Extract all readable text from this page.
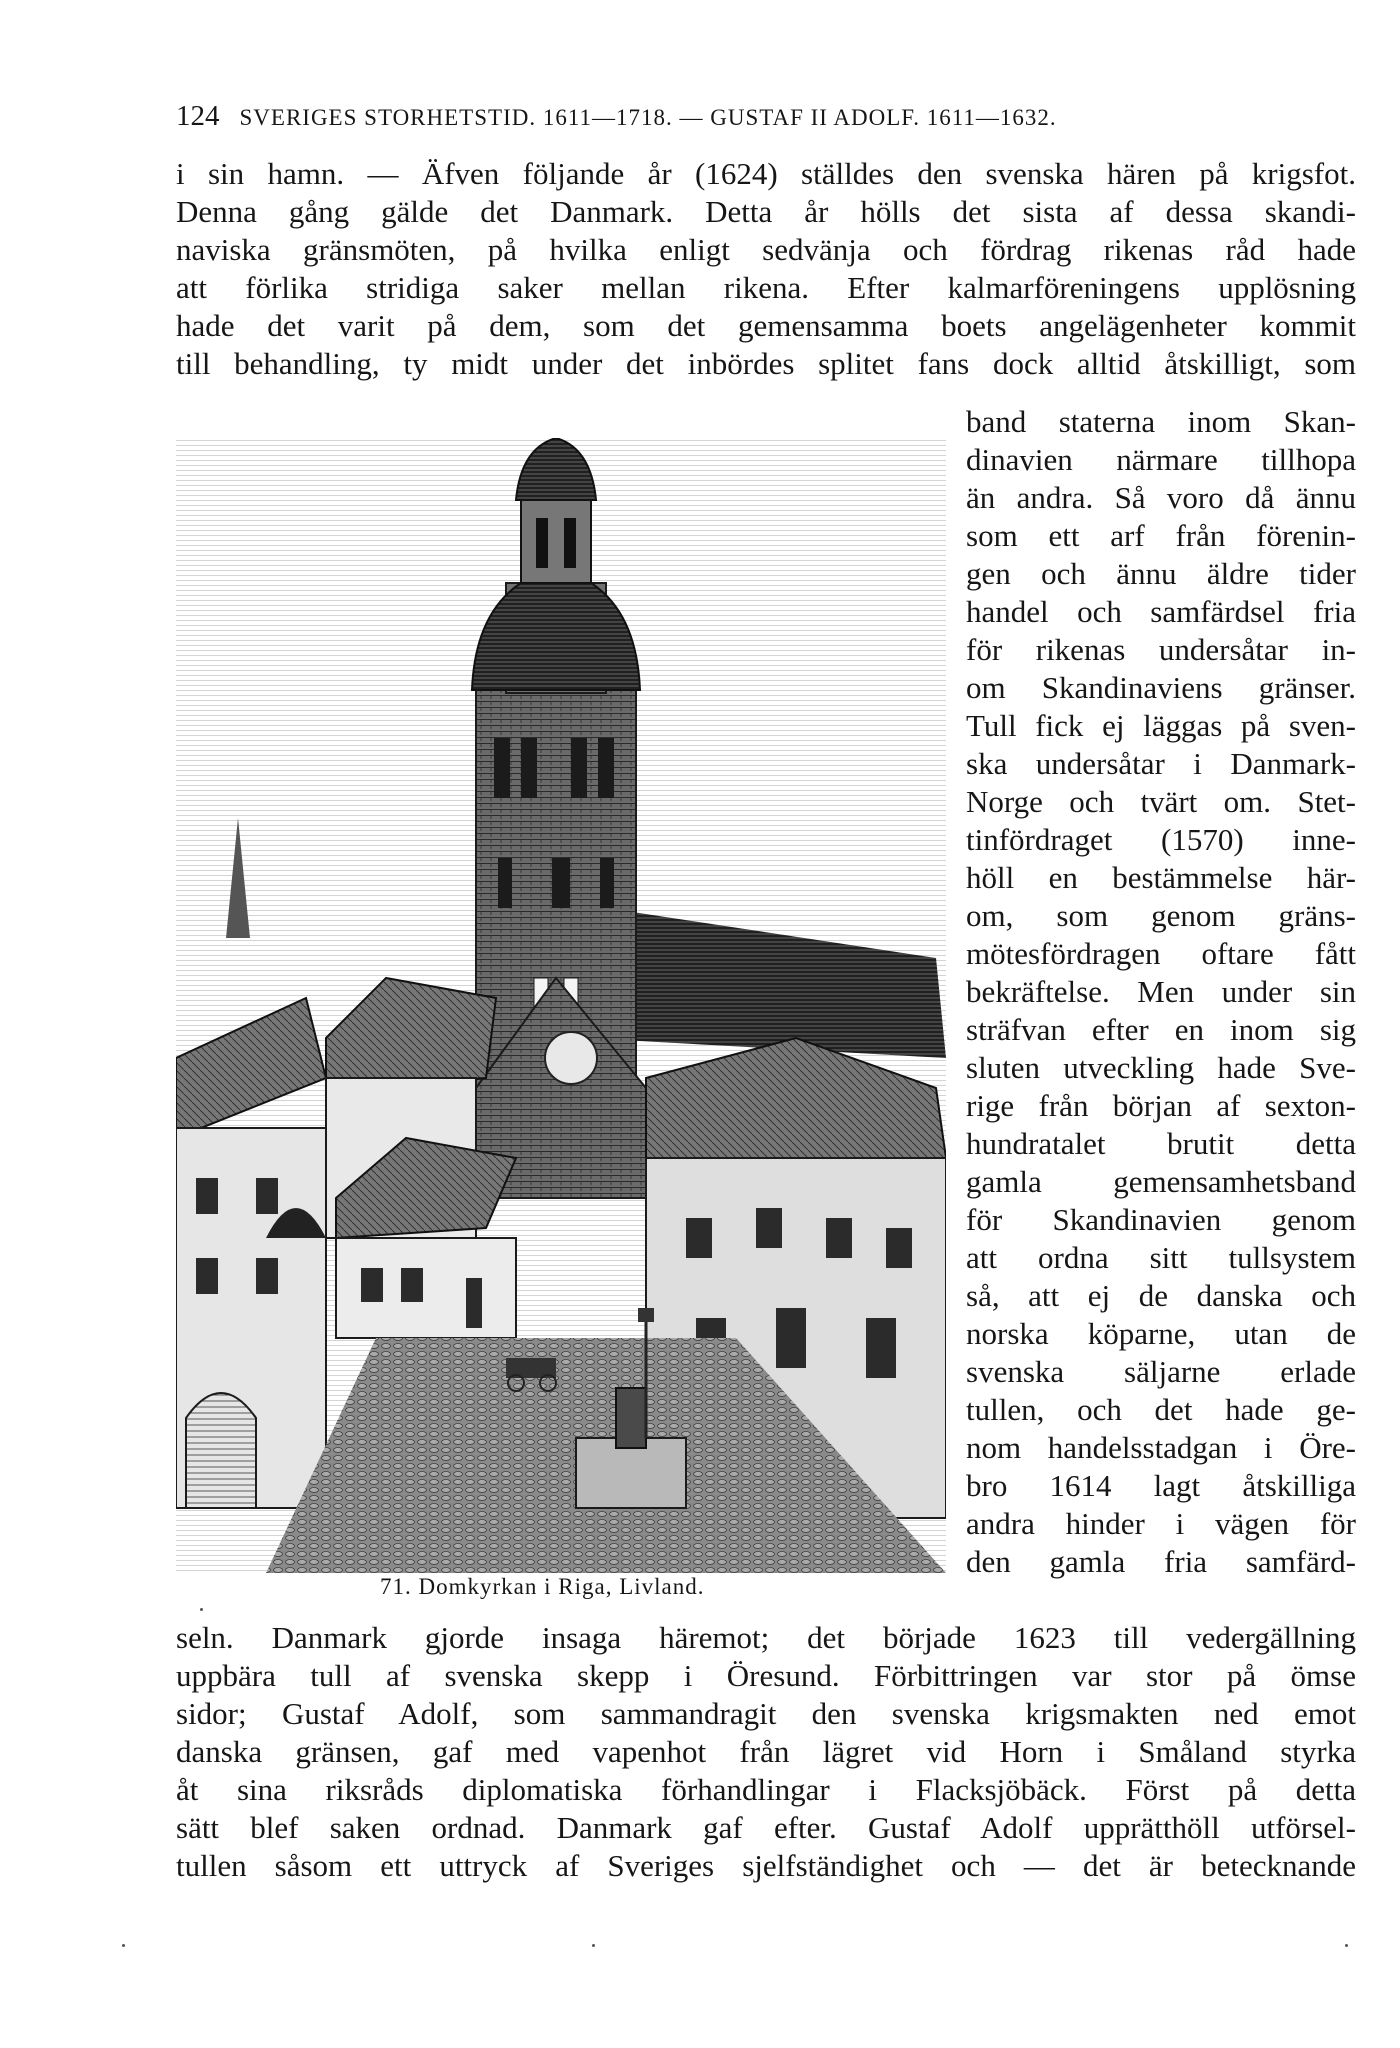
124 SVERIGES STORHETSTID. 1611—1718. — GUSTAF II ADOLF. 1611—1632.
i sin hamn. — Äfven följande år (1624) ställdes den svenska hären på krigsfot.
Denna gång gälde det Danmark. Detta år hölls det sista af dessa skandi-
naviska gränsmöten, på hvilka enligt sedvänja och fördrag rikenas råd hade
att förlika stridiga saker mellan rikena. Efter kalmarföreningens upplösning
hade det varit på dem, som det gemensamma boets angelägenheter kommit
till behandling, ty midt under det inbördes splitet fans dock alltid åtskilligt, som
band staterna inom Skan-
dinavien närmare tillhopa
än andra. Så voro då ännu
som ett arf från förenin-
gen och ännu äldre tider
handel och samfärdsel fria
för rikenas undersåtar in-
om Skandinaviens gränser.
Tull fick ej läggas på sven-
ska undersåtar i Danmark-
Norge och tvärt om. Stet-
tinfördraget (1570) inne-
höll en bestämmelse här-
om, som genom gräns-
mötesfördragen oftare fått
bekräftelse. Men under sin
sträfvan efter en inom sig
sluten utveckling hade Sve-
rige från början af sexton-
hundratalet brutit detta
gamla gemensamhetsband
för Skandinavien genom
att ordna sitt tullsystem
så, att ej de danska och
norska köparne, utan de
svenska säljarne erlade
tullen, och det hade ge-
nom handelsstadgan i Öre-
bro 1614 lagt åtskilliga
andra hinder i vägen för
den gamla fria samfärd-
71. Domkyrkan i Riga, Livland.
seln. Danmark gjorde insaga häremot; det började 1623 till vedergällning
uppbära tull af svenska skepp i Öresund. Förbittringen var stor på ömse
sidor; Gustaf Adolf, som sammandragit den svenska krigsmakten ned emot
danska gränsen, gaf med vapenhot från lägret vid Horn i Småland styrka
åt sina riksråds diplomatiska förhandlingar i Flacksjöbäck. Först på detta
sätt blef saken ordnad. Danmark gaf efter. Gustaf Adolf upprätthöll utförsel-
tullen såsom ett uttryck af Sveriges sjelfständighet och — det är betecknande
